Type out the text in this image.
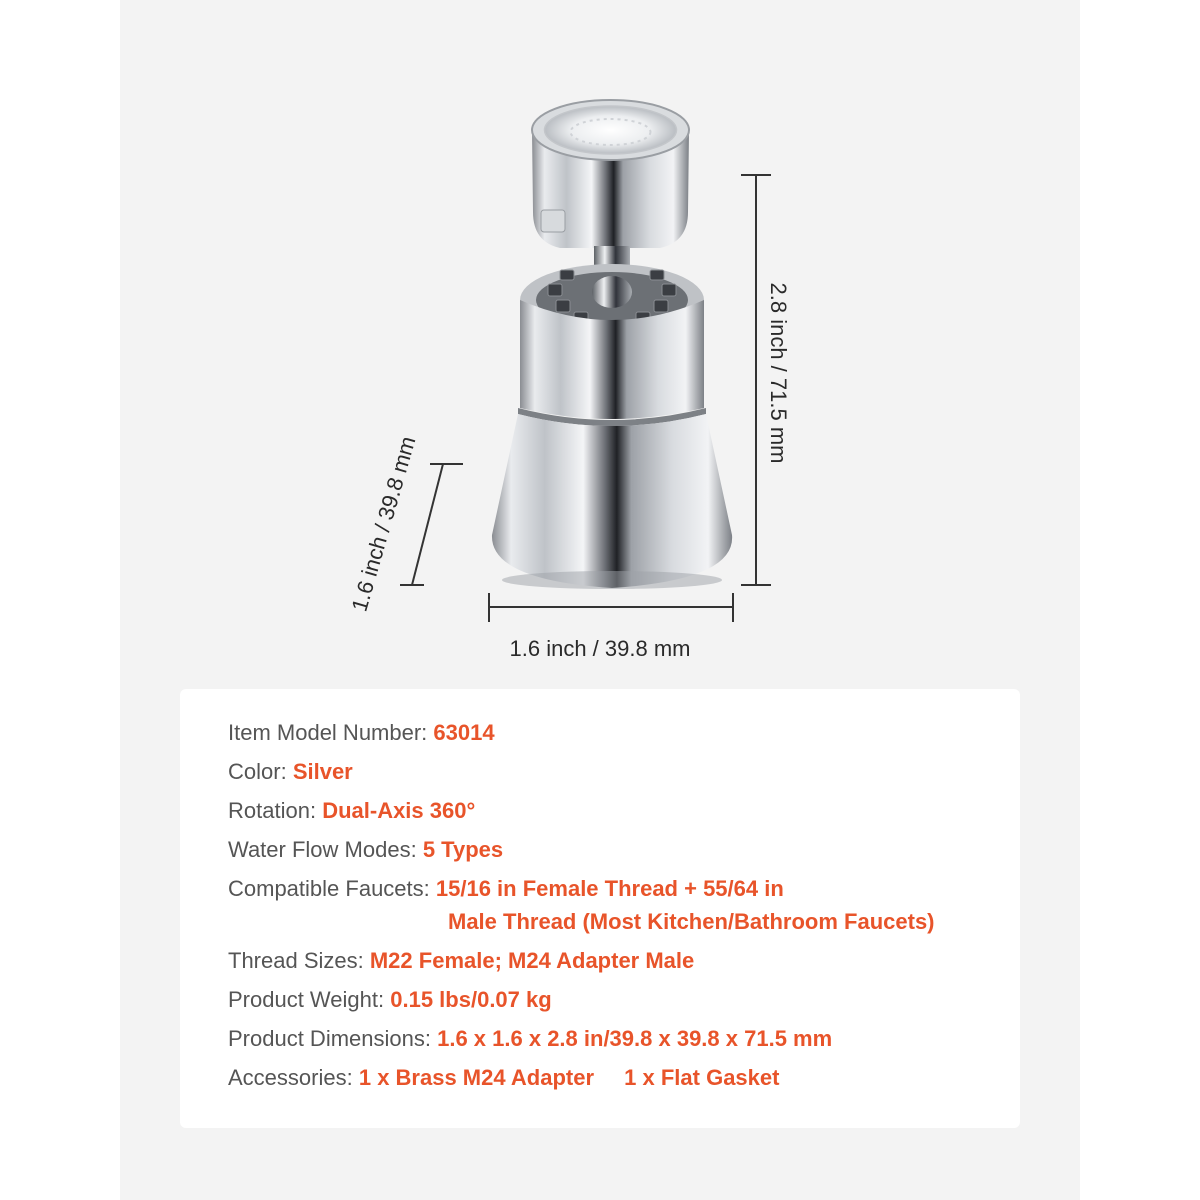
2.8 inch / 71.5 mm
1.6 inch / 39.8 mm
1.6 inch / 39.8 mm
Item Model Number: 63014
Color: Silver
Rotation: Dual-Axis 360°
Water Flow Modes: 5 Types
Compatible Faucets: 15/16 in Female Thread + 55/64 in
Male Thread (Most Kitchen/Bathroom Faucets)
Thread Sizes: M22 Female; M24 Adapter Male
Product Weight: 0.15 lbs/0.07 kg
Product Dimensions: 1.6 x 1.6 x 2.8 in/39.8 x 39.8 x 71.5 mm
Accessories: 1 x Brass M24 Adapter 1 x Flat Gasket
